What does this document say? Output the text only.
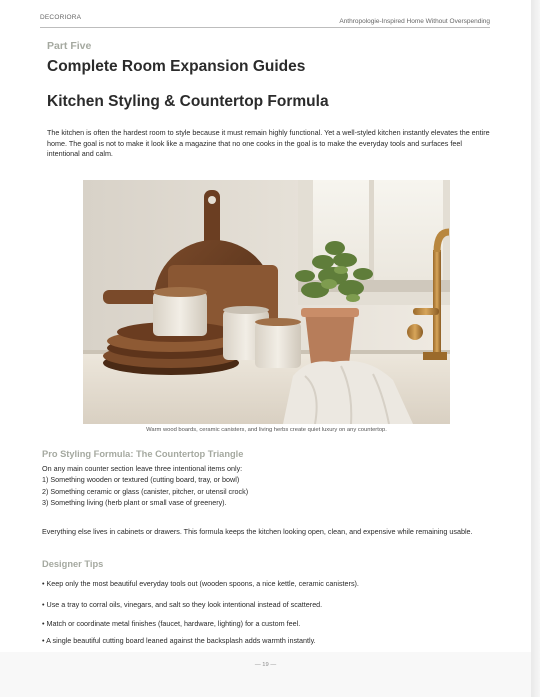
DECORIORA
Anthropologie-Inspired Home Without Overspending
Part Five
Complete Room Expansion Guides
Kitchen Styling & Countertop Formula

The kitchen is often the hardest room to style because it must remain highly functional. Yet a well-styled kitchen instantly elevates the entire home. The goal is not to make it look like a magazine that no one cooks in the goal is to make the everyday tools and surfaces feel intentional and calm.

Warm wood boards, ceramic canisters, and living herbs create quiet luxury on any countertop.
Pro Styling Formula: The Countertop Triangle
On any main counter section leave three intentional items only:
1) Something wooden or textured (cutting board, tray, or bowl)
2) Something ceramic or glass (canister, pitcher, or utensil crock)
3) Something living (herb plant or small vase of greenery).

Everything else lives in cabinets or drawers. This formula keeps the kitchen looking open, clean, and expensive while remaining usable.

Designer Tips
• Keep only the most beautiful everyday tools out (wooden spoons, a nice kettle, ceramic canisters).
• Use a tray to corral oils, vinegars, and salt so they look intentional instead of scattered.
• Match or coordinate metal finishes (faucet, hardware, lighting) for a custom feel.
• A single beautiful cutting board leaned against the backsplash adds warmth instantly.
— 19 —
